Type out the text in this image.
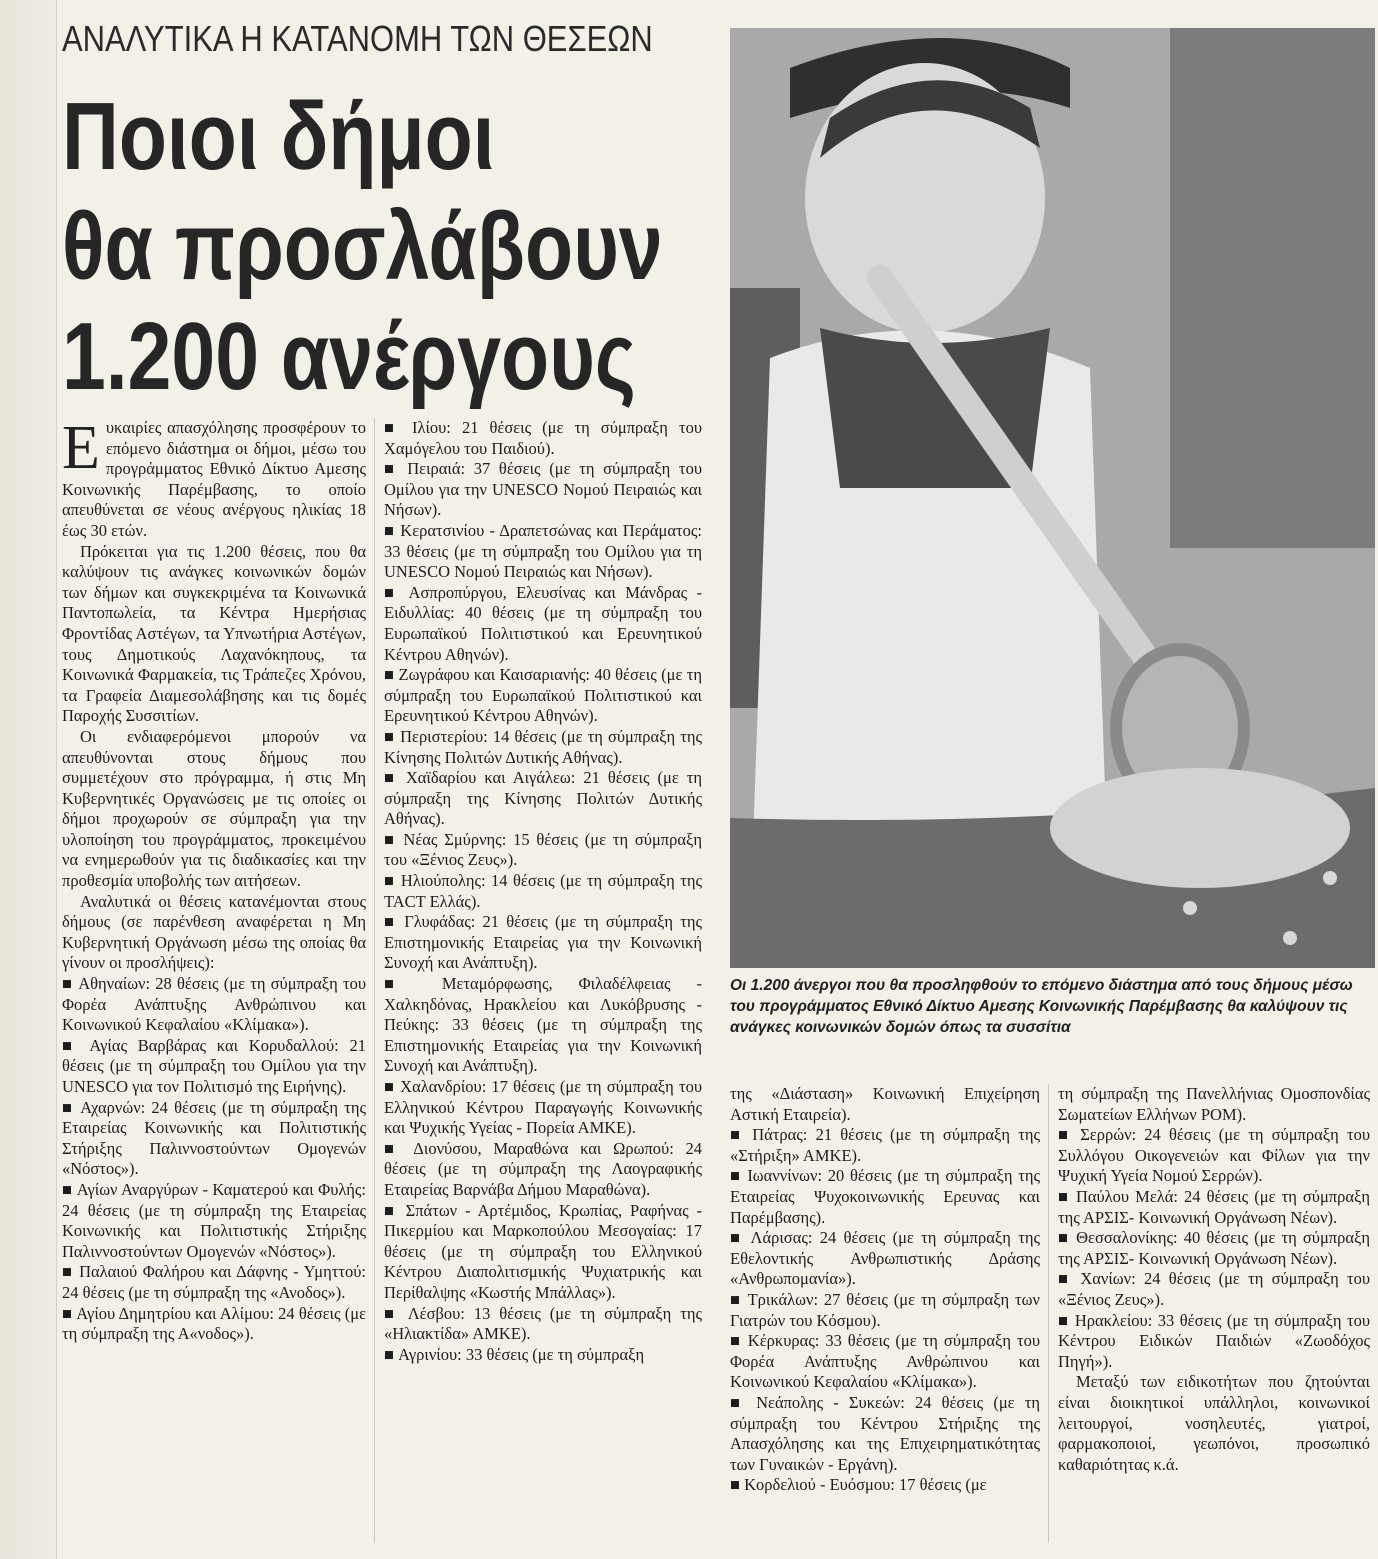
ΑΝΑΛΥΤΙΚΑ Η ΚΑΤΑΝΟΜΗ ΤΩΝ ΘΕΣΕΩΝ
Ποιοι δήμοι
θα προσλάβουν
1.200 ανέργους
Οι 1.200 άνεργοι που θα προσληφθούν το επόμενο διάστημα από τους δήμους μέσω του προγράμματος Εθνικό Δίκτυο Αμεσης Κοινωνικής Παρέμβασης θα καλύψουν τις ανάγκες κοινωνικών δομών όπως τα συσσίτια

Ευκαιρίες απασχόλησης προσφέρουν το επόμενο διάστημα οι δήμοι, μέσω του προγράμματος Εθνικό Δίκτυο Αμεσης Κοινωνικής Παρέμβασης, το οποίο απευθύνεται σε νέους ανέργους ηλικίας 18 έως 30 ετών.

Πρόκειται για τις 1.200 θέσεις, που θα καλύψουν τις ανάγκες κοινωνικών δομών των δήμων και συγκεκριμένα τα Κοινωνικά Παντοπωλεία, τα Κέντρα Ημερήσιας Φροντίδας Αστέγων, τα Υπνωτήρια Αστέγων, τους Δημοτικούς Λαχανόκηπους, τα Κοινωνικά Φαρμακεία, τις Τράπεζες Χρόνου, τα Γραφεία Διαμεσολάβησης και τις δομές Παροχής Συσσιτίων.

Οι ενδιαφερόμενοι μπορούν να απευθύνονται στους δήμους που συμμετέχουν στο πρόγραμμα, ή στις Μη Κυβερνητικές Οργανώσεις με τις οποίες οι δήμοι προχωρούν σε σύμπραξη για την υλοποίηση του προγράμματος, προκειμένου να ενημερωθούν για τις διαδικασίες και την προθεσμία υποβολής των αιτήσεων.

Αναλυτικά οι θέσεις κατανέμονται στους δήμους (σε παρένθεση αναφέρεται η Μη Κυβερνητική Οργάνωση μέσω της οποίας θα γίνουν οι προσλήψεις):

■ Αθηναίων: 28 θέσεις (με τη σύμπραξη του Φορέα Ανάπτυξης Ανθρώπινου και Κοινωνικού Κεφαλαίου «Κλίμακα»).

■ Αγίας Βαρβάρας και Κορυδαλλού: 21 θέσεις (με τη σύμπραξη του Ομίλου για την UNESCO για τον Πολιτισμό της Ειρήνης).

■ Αχαρνών: 24 θέσεις (με τη σύμπραξη της Εταιρείας Κοινωνικής και Πολιτιστικής Στήριξης Παλιννοστούντων Ομογενών «Νόστος»).

■ Αγίων Αναργύρων - Καματερού και Φυλής: 24 θέσεις (με τη σύμπραξη της Εταιρείας Κοινωνικής και Πολιτιστικής Στήριξης Παλιννοστούντων Ομογενών «Νόστος»).

■ Παλαιού Φαλήρου και Δάφνης - Υμηττού: 24 θέσεις (με τη σύμπραξη της «Ανοδος»).

■ Αγίου Δημητρίου και Αλίμου: 24 θέσεις (με τη σύμπραξη της Α«νοδος»).

■ Ιλίου: 21 θέσεις (με τη σύμπραξη του Χαμόγελου του Παιδιού).

■ Πειραιά: 37 θέσεις (με τη σύμπραξη του Ομίλου για την UNESCO Νομού Πειραιώς και Νήσων).

■ Κερατσινίου - Δραπετσώνας και Περάματος: 33 θέσεις (με τη σύμπραξη του Ομίλου για τη UNESCO Νομού Πειραιώς και Νήσων).

■ Ασπροπύργου, Ελευσίνας και Μάνδρας - Ειδυλλίας: 40 θέσεις (με τη σύμπραξη του Ευρωπαϊκού Πολιτιστικού και Ερευνητικού Κέντρου Αθηνών).

■ Ζωγράφου και Καισαριανής: 40 θέσεις (με τη σύμπραξη του Ευρωπαϊκού Πολιτιστικού και Ερευνητικού Κέντρου Αθηνών).

■ Περιστερίου: 14 θέσεις (με τη σύμπραξη της Κίνησης Πολιτών Δυτικής Αθήνας).

■ Χαϊδαρίου και Αιγάλεω: 21 θέσεις (με τη σύμπραξη της Κίνησης Πολιτών Δυτικής Αθήνας).

■ Νέας Σμύρνης: 15 θέσεις (με τη σύμπραξη του «Ξένιος Ζευς»).

■ Ηλιούπολης: 14 θέσεις (με τη σύμπραξη της ΤΑCΤ Ελλάς).

■ Γλυφάδας: 21 θέσεις (με τη σύμπραξη της Επιστημονικής Εταιρείας για την Κοινωνική Συνοχή και Ανάπτυξη).

■ Μεταμόρφωσης, Φιλαδέλφειας - Χαλκηδόνας, Ηρακλείου και Λυκόβρυσης - Πεύκης: 33 θέσεις (με τη σύμπραξη της Επιστημονικής Εταιρείας για την Κοινωνική Συνοχή και Ανάπτυξη).

■ Χαλανδρίου: 17 θέσεις (με τη σύμπραξη του Ελληνικού Κέντρου Παραγωγής Κοινωνικής και Ψυχικής Υγείας - Πορεία ΑΜΚΕ).

■ Διονύσου, Μαραθώνα και Ωρωπού: 24 θέσεις (με τη σύμπραξη της Λαογραφικής Εταιρείας Βαρνάβα Δήμου Μαραθώνα).

■ Σπάτων - Αρτέμιδος, Κρωπίας, Ραφήνας - Πικερμίου και Μαρκοπούλου Μεσογαίας: 17 θέσεις (με τη σύμπραξη του Ελληνικού Κέντρου Διαπολιτισμικής Ψυχιατρικής και Περίθαλψης «Κωστής Μπάλλας»).

■ Λέσβου: 13 θέσεις (με τη σύμπραξη της «Ηλιακτίδα» ΑΜΚΕ).

■ Αγρινίου: 33 θέσεις (με τη σύμπραξη

της «Διάσταση» Κοινωνική Επιχείρηση Αστική Εταιρεία).

■ Πάτρας: 21 θέσεις (με τη σύμπραξη της «Στήριξη» ΑΜΚΕ).

■ Ιωαννίνων: 20 θέσεις (με τη σύμπραξη της Εταιρείας Ψυχοκοινωνικής Ερευνας και Παρέμβασης).

■ Λάρισας: 24 θέσεις (με τη σύμπραξη της Εθελοντικής Ανθρωπιστικής Δράσης «Ανθρωπομανία»).

■ Τρικάλων: 27 θέσεις (με τη σύμπραξη των Γιατρών του Κόσμου).

■ Κέρκυρας: 33 θέσεις (με τη σύμπραξη του Φορέα Ανάπτυξης Ανθρώπινου και Κοινωνικού Κεφαλαίου «Κλίμακα»).

■ Νεάπολης - Συκεών: 24 θέσεις (με τη σύμπραξη του Κέντρου Στήριξης της Απασχόλησης και της Επιχειρηματικότητας των Γυναικών - Εργάνη).

■ Κορδελιού - Ευόσμου: 17 θέσεις (με

τη σύμπραξη της Πανελλήνιας Ομοσπονδίας Σωματείων Ελλήνων ΡΟΜ).

■ Σερρών: 24 θέσεις (με τη σύμπραξη του Συλλόγου Οικογενειών και Φίλων για την Ψυχική Υγεία Νομού Σερρών).

■ Παύλου Μελά: 24 θέσεις (με τη σύμπραξη της ΑΡΣΙΣ- Κοινωνική Οργάνωση Νέων).

■ Θεσσαλονίκης: 40 θέσεις (με τη σύμπραξη της ΑΡΣΙΣ- Κοινωνική Οργάνωση Νέων).

■ Χανίων: 24 θέσεις (με τη σύμπραξη του «Ξένιος Ζευς»).

■ Ηρακλείου: 33 θέσεις (με τη σύμπραξη του Κέντρου Ειδικών Παιδιών «Ζωοδόχος Πηγή»).

Μεταξύ των ειδικοτήτων που ζητούνται είναι διοικητικοί υπάλληλοι, κοινωνικοί λειτουργοί, νοσηλευτές, γιατροί, φαρμακοποιοί, γεωπόνοι, προσωπικό καθαριότητας κ.ά.
